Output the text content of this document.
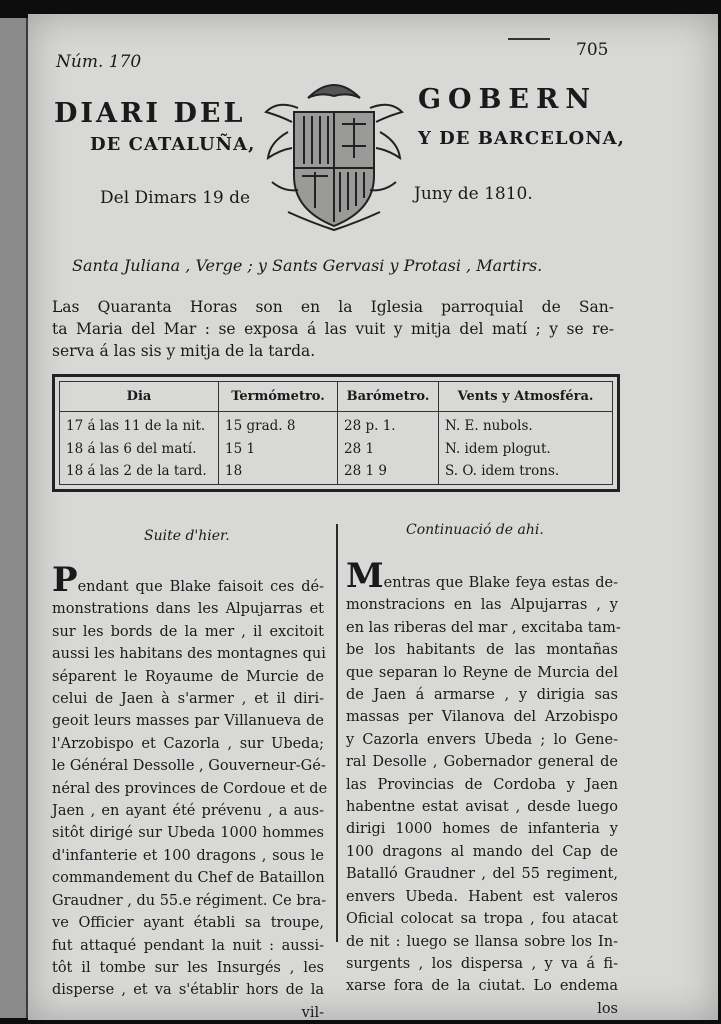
Núm. 170
705
DIARI DEL	GOBERN
DE CATALUÑA,	Y DE BARCELONA,
Del Dimars 19 de	Juny de 1810.
Santa Juliana , Verge ; y Sants Gervasi y Protasi , Martirs.
Las Quaranta Horas son en la Iglesia parroquial de San-
ta Maria del Mar : se exposa á las vuit y mitja del matí ; y se re-
serva á las sis y mitja de la tarda.
Dia	Termómetro.	Barómetro.	Vents y Atmosféra.
17 á las 11 de la nit.	15 grad. 8	28 p. 1.	N. E. nubols.
18 á las 6 del matí.	15 1	28 1	N. idem plogut.
18 á las 2 de la tard.	18	28 1 9	S. O. idem trons.
Suite d'hier.	Continuació de ahi.
Pendant que Blake faisoit ces dé-
monstrations dans les Alpujarras et
sur les bords de la mer , il excitoit
aussi les habitans des montagnes qui
séparent le Royaume de Murcie de
celui de Jaen à s'armer , et il diri-
geoit leurs masses par Villanueva de
l'Arzobispo et Cazorla , sur Ubeda;
le Général Dessolle , Gouverneur-Gé-
néral des provinces de Cordoue et de
Jaen , en ayant été prévenu , a aus-
sitôt dirigé sur Ubeda 1000 hommes
d'infanterie et 100 dragons , sous le
commandement du Chef de Bataillon
Graudner , du 55.e régiment. Ce bra-
ve Officier ayant établi sa troupe,
fut attaqué pendant la nuit : aussi-
tôt il tombe sur les Insurgés , les
disperse , et va s'établir hors de la
vil-
Mentras que Blake feya estas de-
monstracions en las Alpujarras , y
en las riberas del mar , excitaba tam-
be los habitants de las montañas
que separan lo Reyne de Murcia del
de Jaen á armarse , y dirigia sas
massas per Vilanova del Arzobispo
y Cazorla envers Ubeda ; lo Gene-
ral Desolle , Gobernador general de
las Provincias de Cordoba y Jaen
habentne estat avisat , desde luego
dirigi 1000 homes de infanteria y
100 dragons al mando del Cap de
Batalló Graudner , del 55 regiment,
envers Ubeda. Habent est valeros
Oficial colocat sa tropa , fou atacat
de nit : luego se llansa sobre los In-
surgents , los dispersa , y va á fi-
xarse fora de la ciutat. Lo endema
los
